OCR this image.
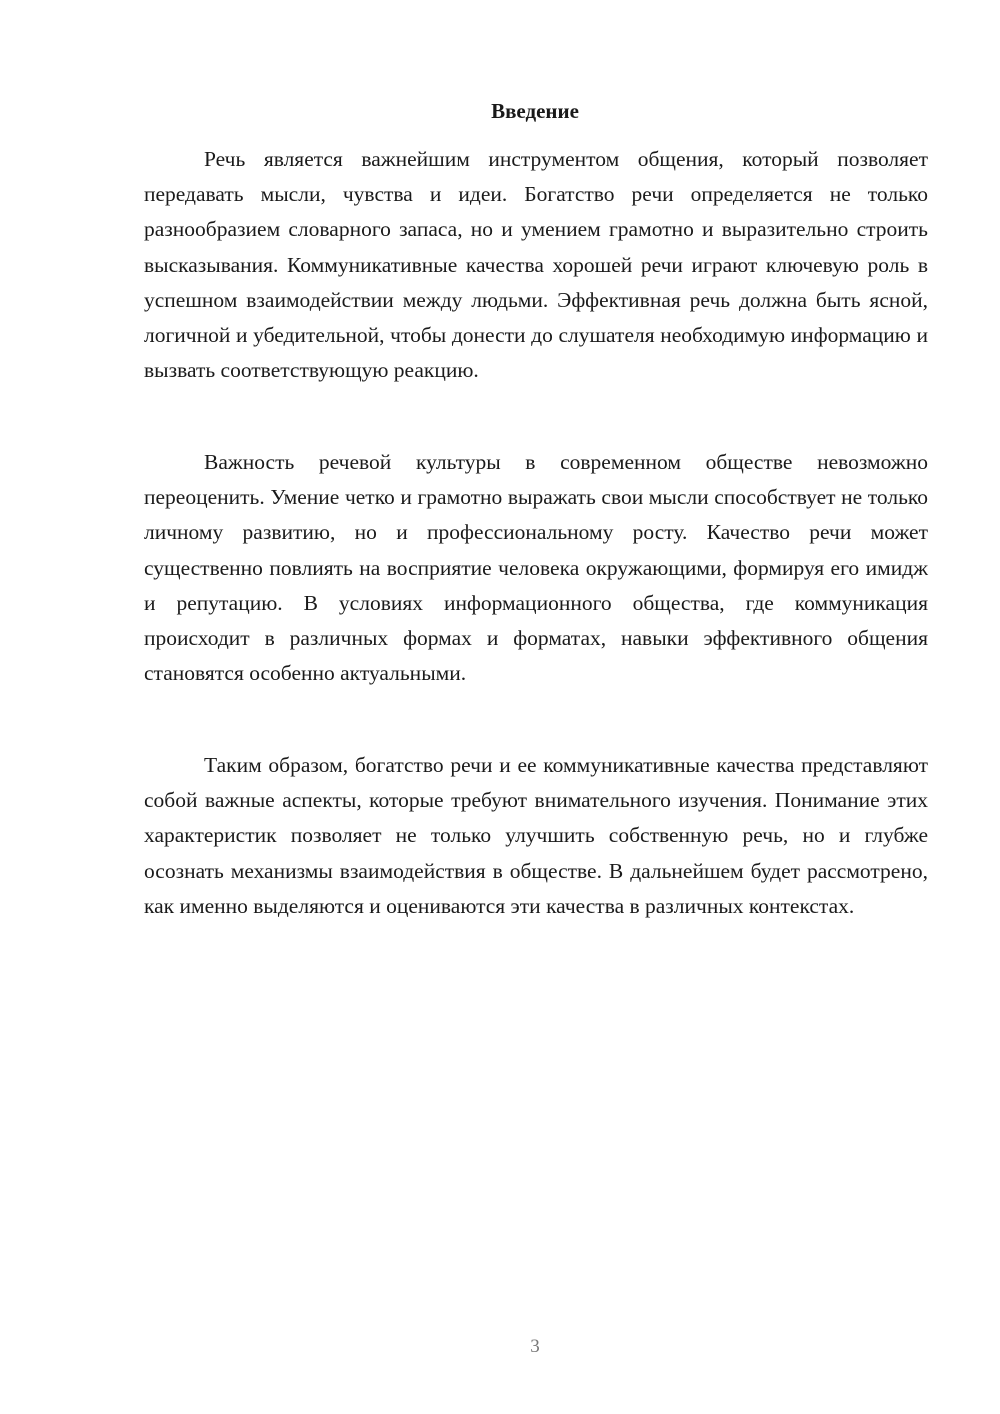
Введение

Речь является важнейшим инструментом общения, который позволяет передавать мысли, чувства и идеи. Богатство речи определяется не только разнообразием словарного запаса, но и умением грамотно и выразительно строить высказывания. Коммуникативные качества хорошей речи играют ключевую роль в успешном взаимодействии между людьми. Эффективная речь должна быть ясной, логичной и убедительной, чтобы донести до слушателя необходимую информацию и вызвать соответствующую реакцию.

Важность речевой культуры в современном обществе невозможно переоценить. Умение четко и грамотно выражать свои мысли способствует не только личному развитию, но и профессиональному росту. Качество речи может существенно повлиять на восприятие человека окружающими, формируя его имидж и репутацию. В условиях информационного общества, где коммуникация происходит в различных формах и форматах, навыки эффективного общения становятся особенно актуальными.

Таким образом, богатство речи и ее коммуникативные качества представляют собой важные аспекты, которые требуют внимательного изучения. Понимание этих характеристик позволяет не только улучшить собственную речь, но и глубже осознать механизмы взаимодействия в обществе. В дальнейшем будет рассмотрено, как именно выделяются и оцениваются эти качества в различных контекстах.

3
